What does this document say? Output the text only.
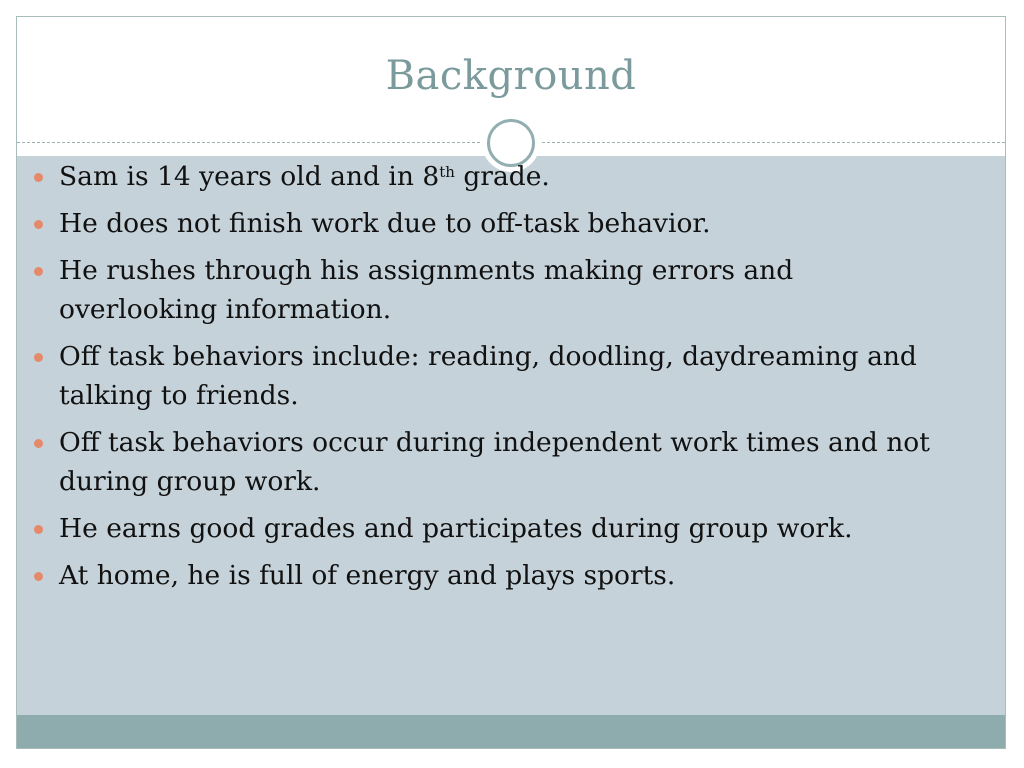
Background
Sam is 14 years old and in 8th grade.
He does not finish work due to off-task behavior.
He rushes through his assignments making errors and overlooking information.
Off task behaviors include: reading, doodling, daydreaming and talking to friends.
Off task behaviors occur during independent work times and not during group work.
He earns good grades and participates during group work.
At home, he is full of energy and plays sports.
